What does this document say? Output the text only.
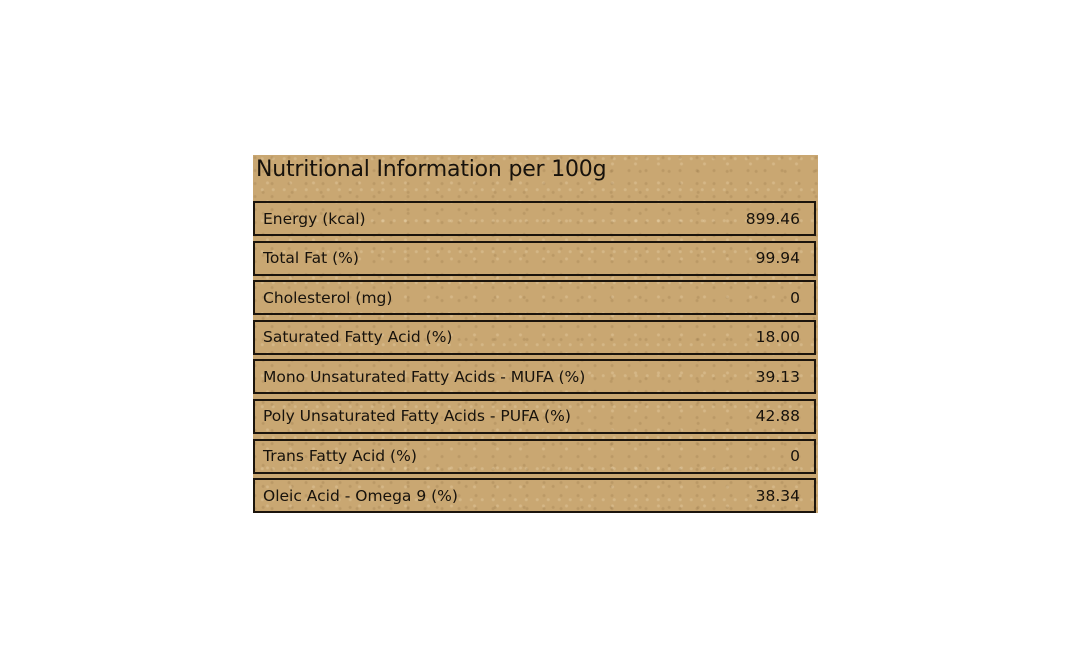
Nutritional Information per 100g
Energy (kcal)	899.46
Total Fat (%)	99.94
Cholesterol (mg)	0
Saturated Fatty Acid (%)	18.00
Mono Unsaturated Fatty Acids - MUFA (%)	39.13
Poly Unsaturated Fatty Acids - PUFA (%)	42.88
Trans Fatty Acid (%)	0
Oleic Acid - Omega 9 (%)	38.34
